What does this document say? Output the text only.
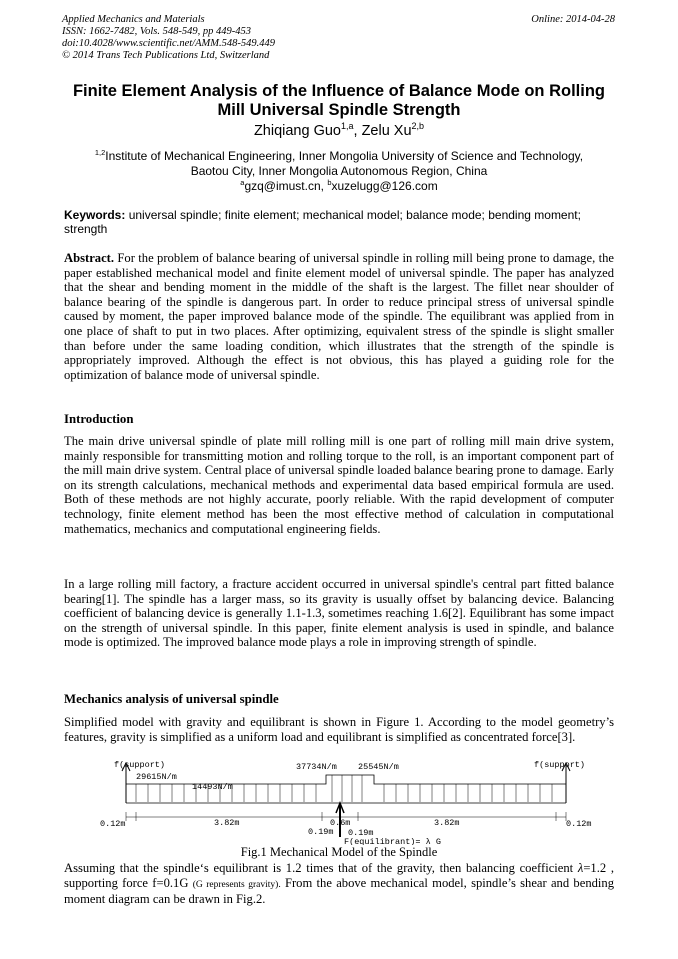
Applied Mechanics and Materials
ISSN: 1662-7482, Vols. 548-549, pp 449-453
doi:10.4028/www.scientific.net/AMM.548-549.449
© 2014 Trans Tech Publications Ltd, Switzerland
Online: 2014-04-28
Finite Element Analysis of the Influence of Balance Mode on Rolling Mill Universal Spindle Strength
Zhiqiang Guo$^{1,a}$, Zelu Xu$^{2,b}$
$^{1,2}$Institute of Mechanical Engineering, Inner Mongolia University of Science and Technology,
Baotou City, Inner Mongolia Autonomous Region, China
$^a$gzq@imust.cn, $^b$xuzelugg@126.com
Keywords: universal spindle; finite element; mechanical model; balance mode; bending moment; strength
Abstract. For the problem of balance bearing of universal spindle in rolling mill being prone to damage, the paper established mechanical model and finite element model of universal spindle. The paper has analyzed that the shear and bending moment in the middle of the shaft is the largest. The fillet near shoulder of balance bearing of the spindle is dangerous part. In order to reduce principal stress of universal spindle caused by moment, the paper improved balance mode of the spindle. The equilibrant was applied from in one place of shaft to put in two places. After optimizing, equivalent stress of the spindle is slight smaller than before under the same loading condition, which illustrates that the strength of the spindle is appropriately improved. Although the effect is not obvious, this has played a guiding role for the optimization of balance mode of universal spindle.
Introduction
The main drive universal spindle of plate mill rolling mill is one part of rolling mill main drive system, mainly responsible for transmitting motion and rolling torque to the roll, is an important component part of the mill main drive system. Central place of universal spindle loaded balance bearing prone to damage. Early on its strength calculations, mechanical methods and experimental data based empirical formula are used. Both of these methods are not highly accurate, poorly reliable. With the rapid development of computer technology, finite element method has been the most effective method of calculation in computational mathematics, mechanics and computational engineering fields.
In a large rolling mill factory, a fracture accident occurred in universal spindle's central part fitted balance bearing[1]. The spindle has a larger mass, so its gravity is usually offset by balancing device. Balancing coefficient of balancing device is generally 1.1-1.3, sometimes reaching 1.6[2]. Equilibrant has some impact on the strength of universal spindle. In this paper, finite element analysis is used in spindle, and balance mode is optimized. The improved balance mode plays a role in improving strength of spindle.
Mechanics analysis of universal spindle
Simplified model with gravity and equilibrant is shown in Figure 1. According to the model geometry’s features, gravity is simplified as a uniform load and equilibrant is simplified as concentrated force[3].
f(support)	f(support)
29615N/m
14493N/m
37734N/m 25545N/m
0.12m	3.82m
0.19m
0.6m
0.19m
3.82m	0.12m
F(equilibrant)= λ G
Fig.1 Mechanical Model of the Spindle
Assuming that the spindle‘s equilibrant is 1.2 times that of the gravity, then balancing coefficient λ=1.2 , supporting force f=0.1G (G represents gravity). From the above mechanical model, spindle’s shear and bending moment diagram can be drawn in Fig.2.
